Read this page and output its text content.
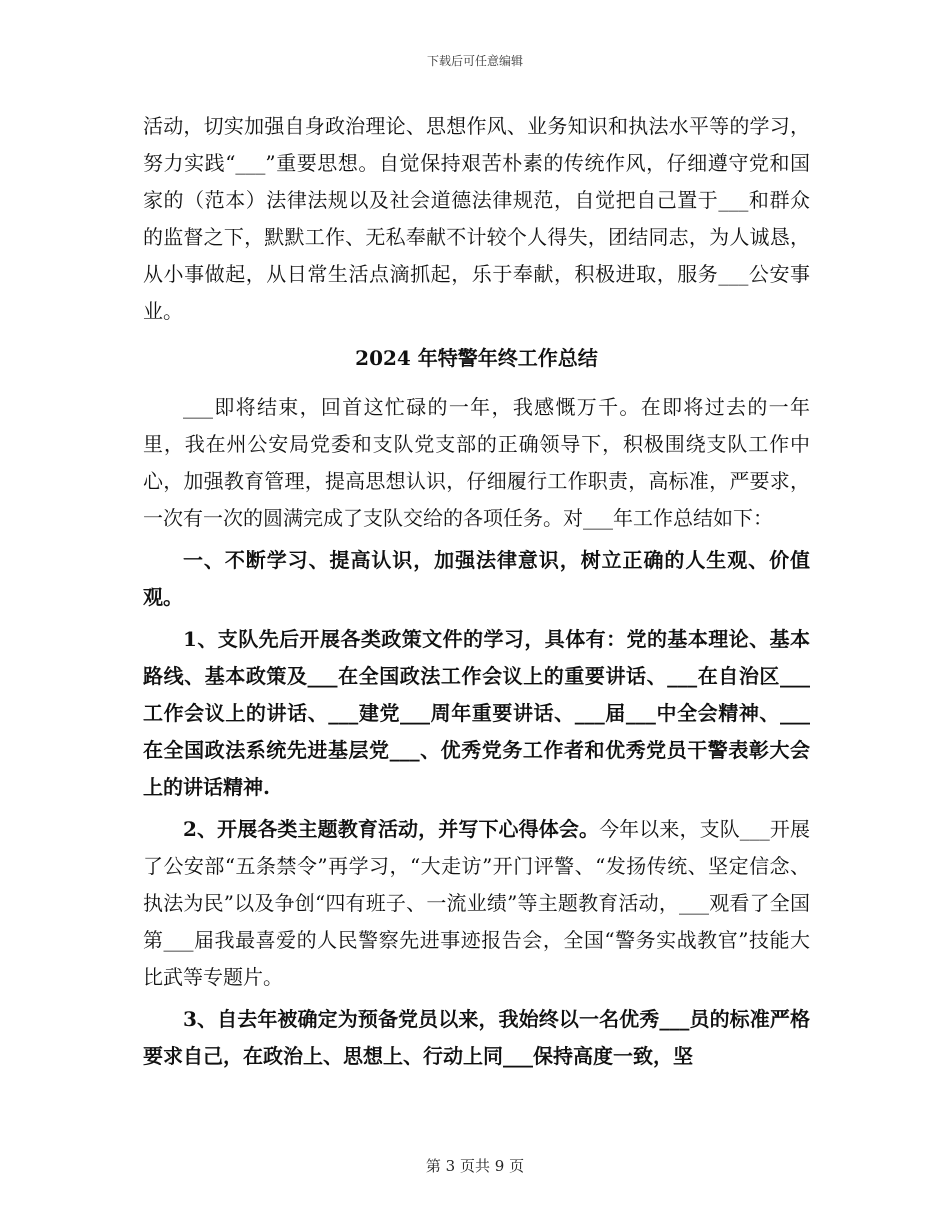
下载后可任意编辑

活动，切实加强自身政治理论、思想作风、业务知识和执法水平等的学习，努力实践“___”重要思想。自觉保持艰苦朴素的传统作风，仔细遵守党和国家的（范本）法律法规以及社会道德法律规范，自觉把自己置于___和群众的监督之下，默默工作、无私奉献不计较个人得失，团结同志，为人诚恳，从小事做起，从日常生活点滴抓起，乐于奉献，积极进取，服务___公安事业。

2024 年特警年终工作总结

___即将结束，回首这忙碌的一年，我感慨万千。在即将过去的一年里，我在州公安局党委和支队党支部的正确领导下，积极围绕支队工作中心，加强教育管理，提高思想认识，仔细履行工作职责，高标准，严要求，一次有一次的圆满完成了支队交给的各项任务。对___年工作总结如下：

一、不断学习、提高认识，加强法律意识，树立正确的人生观、价值观。

1、支队先后开展各类政策文件的学习，具体有：党的基本理论、基本路线、基本政策及___在全国政法工作会议上的重要讲话、___在自治区___工作会议上的讲话、___建党___周年重要讲话、___届___中全会精神、___在全国政法系统先进基层党___、优秀党务工作者和优秀党员干警表彰大会上的讲话精神.

2、开展各类主题教育活动，并写下心得体会。今年以来，支队___开展了公安部“五条禁令”再学习，“大走访”开门评警、“发扬传统、坚定信念、执法为民”以及争创“四有班子、一流业绩”等主题教育活动，___观看了全国第___届我最喜爱的人民警察先进事迹报告会，全国“警务实战教官”技能大比武等专题片。

3、自去年被确定为预备党员以来，我始终以一名优秀___员的标准严格要求自己，在政治上、思想上、行动上同___保持高度一致，坚

第 3 页共 9 页
